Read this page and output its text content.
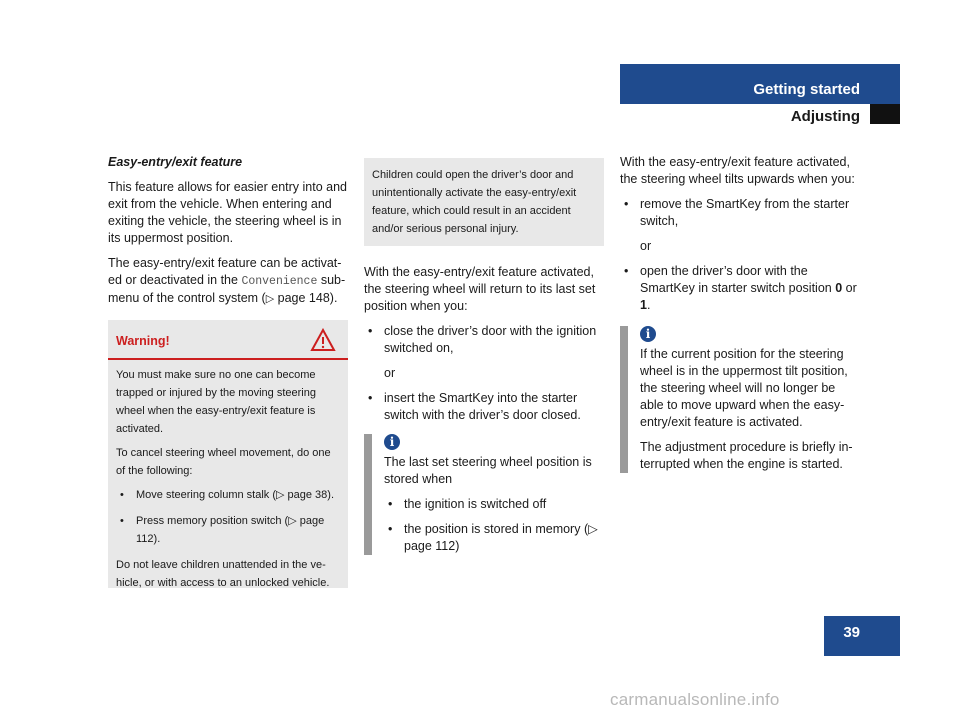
Getting started
Adjusting
Easy-entry/exit feature

This feature allows for easier entry into and exit from the vehicle. When entering and exiting the vehicle, the steering wheel is in its uppermost position.

The easy-entry/exit feature can be activat-ed or deactivated in the Convenience sub-menu of the control system (▷ page 148).

Warning!

You must make sure no one can become trapped or injured by the moving steering wheel when the easy-entry/exit feature is activated.

To cancel steering wheel movement, do one of the following:

• Move steering column stalk (▷ page 38).
• Press memory position switch (▷ page 112).

Do not leave children unattended in the ve-hicle, or with access to an unlocked vehicle.

Children could open the driver’s door and unintentionally activate the easy-entry/exit feature, which could result in an accident and/or serious personal injury.

With the easy-entry/exit feature activated, the steering wheel will return to its last set position when you:

• close the driver’s door with the ignition switched on,
or
• insert the SmartKey into the starter switch with the driver’s door closed.
i

The last set steering wheel position is stored when

• the ignition is switched off
• the position is stored in memory (▷ page 112)

With the easy-entry/exit feature activated, the steering wheel tilts upwards when you:

• remove the SmartKey from the starter switch,
or
• open the driver’s door with the SmartKey in starter switch position 0 or 1.
i

If the current position for the steering wheel is in the uppermost tilt position, the steering wheel will no longer be able to move upward when the easy-entry/exit feature is activated.

The adjustment procedure is briefly in-terrupted when the engine is started.

39
carmanualsonline.info
